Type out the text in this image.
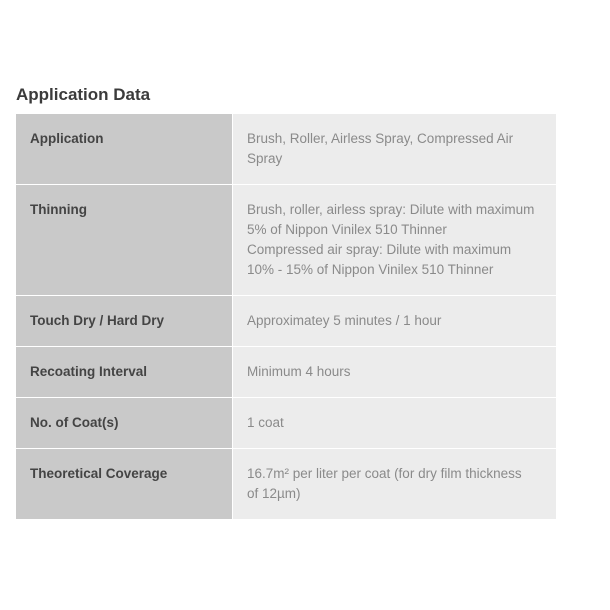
Application Data
Application	Brush, Roller, Airless Spray, Compressed Air
Spray

Thinning	Brush, roller, airless spray: Dilute with maximum
5% of Nippon Vinilex 510 Thinner
Compressed air spray: Dilute with maximum
10% - 15% of Nippon Vinilex 510 Thinner

Touch Dry / Hard Dry	Approximatey 5 minutes / 1 hour

Recoating Interval	Minimum 4 hours

No. of Coat(s)	1 coat

Theoretical Coverage	16.7m² per liter per coat (for dry film thickness
of 12µm)
